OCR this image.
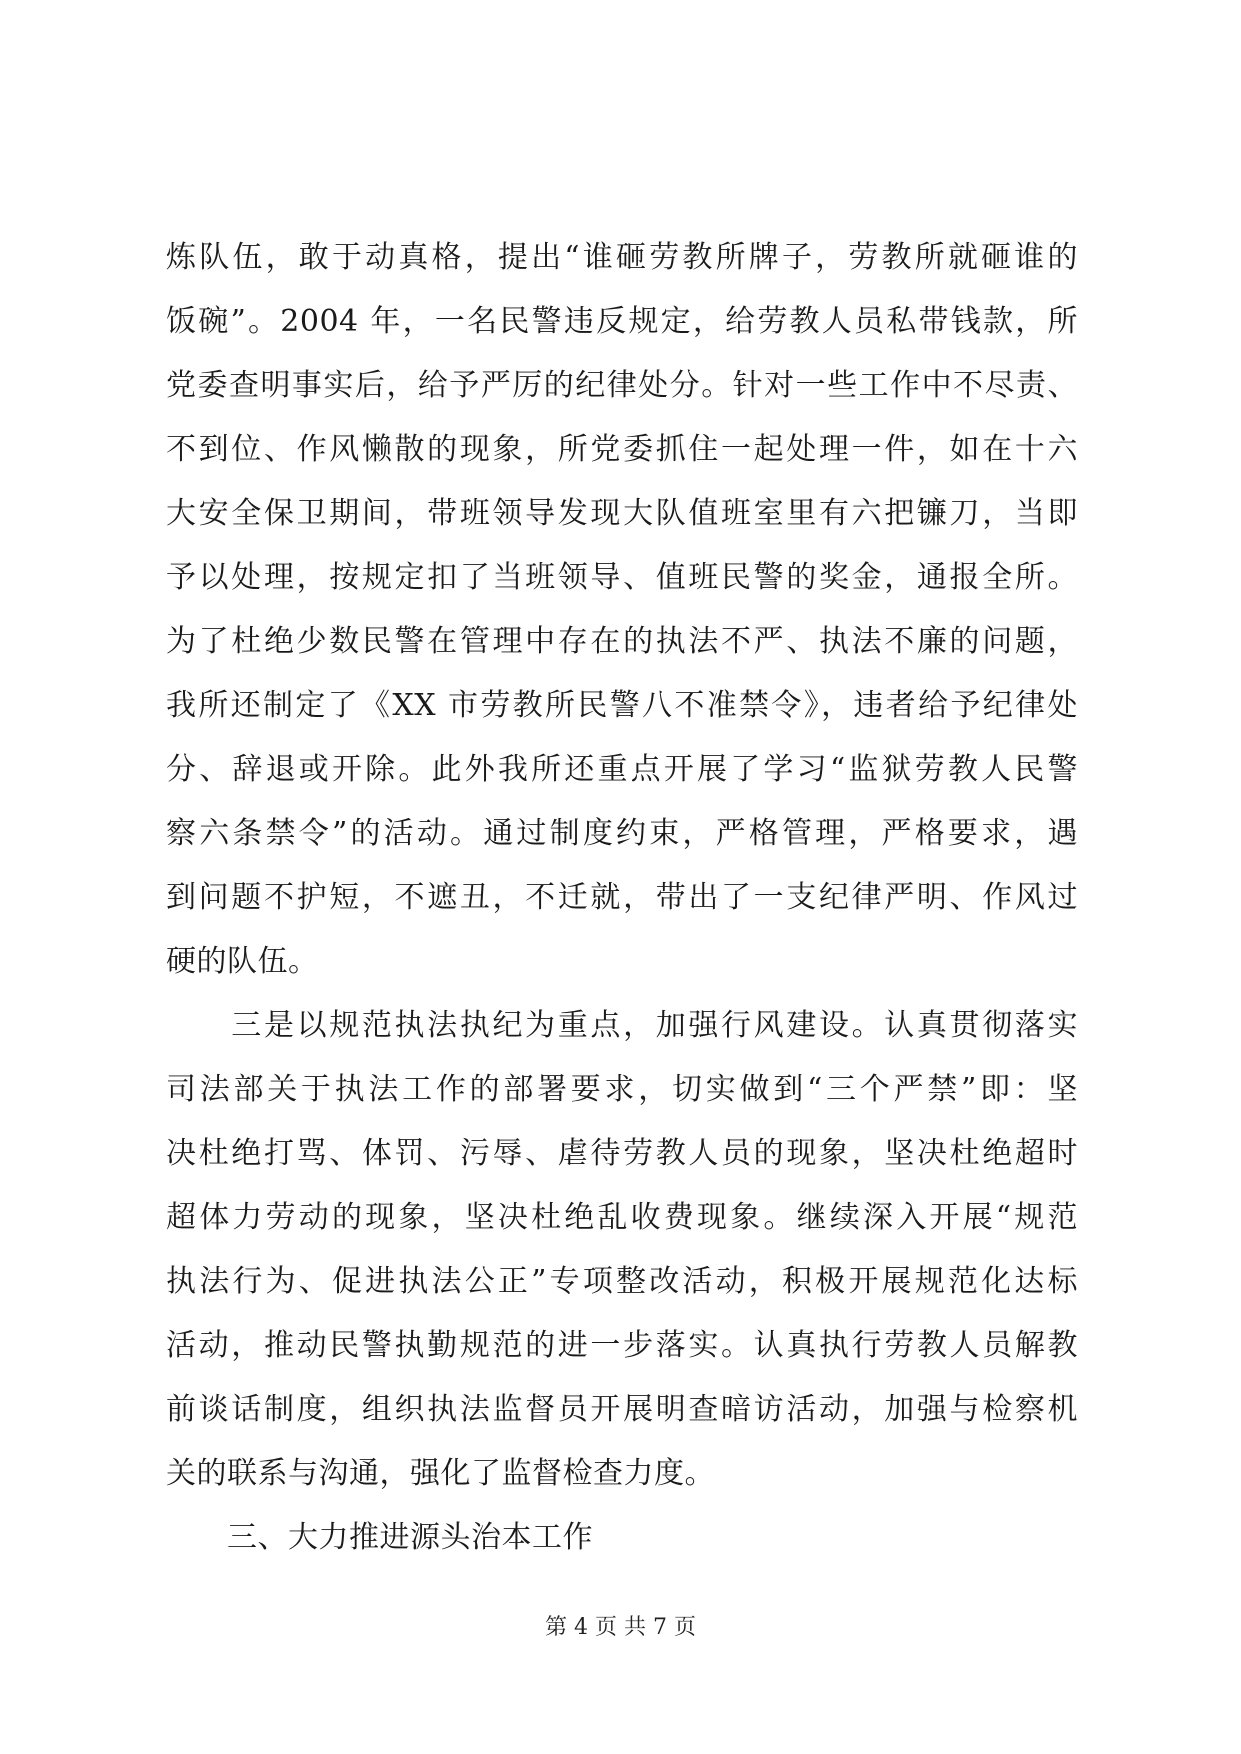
炼队伍，敢于动真格，提出“谁砸劳教所牌子，劳教所就砸谁的
饭碗”。2004 年，一名民警违反规定，给劳教人员私带钱款，所
党委查明事实后，给予严厉的纪律处分。针对一些工作中不尽责、
不到位、作风懒散的现象，所党委抓住一起处理一件，如在十六
大安全保卫期间，带班领导发现大队值班室里有六把镰刀，当即
予以处理，按规定扣了当班领导、值班民警的奖金，通报全所。
为了杜绝少数民警在管理中存在的执法不严、执法不廉的问题，
我所还制定了《XX 市劳教所民警八不准禁令》，违者给予纪律处
分、辞退或开除。此外我所还重点开展了学习“监狱劳教人民警
察六条禁令”的活动。通过制度约束，严格管理，严格要求，遇
到问题不护短，不遮丑，不迁就，带出了一支纪律严明、作风过
硬的队伍。
　　三是以规范执法执纪为重点，加强行风建设。认真贯彻落实
司法部关于执法工作的部署要求，切实做到“三个严禁”即：坚
决杜绝打骂、体罚、污辱、虐待劳教人员的现象，坚决杜绝超时
超体力劳动的现象，坚决杜绝乱收费现象。继续深入开展“规范
执法行为、促进执法公正”专项整改活动，积极开展规范化达标
活动，推动民警执勤规范的进一步落实。认真执行劳教人员解教
前谈话制度，组织执法监督员开展明查暗访活动，加强与检察机
关的联系与沟通，强化了监督检查力度。
　　三、大力推进源头治本工作
第 4 页 共 7 页
